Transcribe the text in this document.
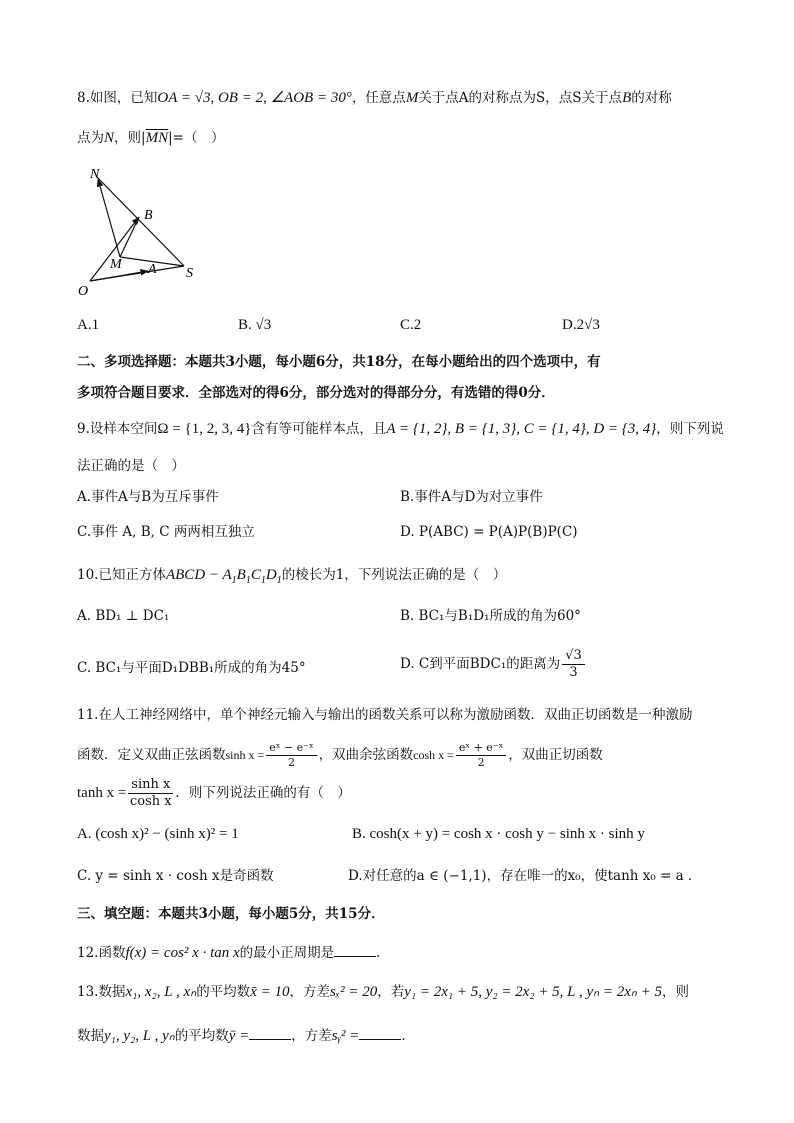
8.如图，已知OA = √3, OB = 2, ∠AOB = 30°，任意点M关于点A的对称点为S，点S关于点B的对称
点为N，则$|\overline{MN}|=$（　）
N
B
M A S
O
A.1	B. √3	C.2	D.2√3
二、多项选择题：本题共3小题，每小题6分，共18分，在每小题给出的四个选项中，有
多项符合题目要求．全部选对的得6分，部分选对的得部分分，有选错的得0分．
9.设样本空间Ω = {1, 2, 3, 4}含有等可能样本点，且A = {1, 2}, B = {1, 3}, C = {1, 4}, D = {3, 4}，则下列说
法正确的是（　）
A.事件A与B为互斥事件	B.事件A与D为对立事件
C.事件 A, B, C 两两相互独立	D. P(ABC) = P(A)P(B)P(C)
10.已知正方体ABCD − $A_1B_1C_1D_1$的棱长为1，下列说法正确的是（　）
A. BD₁ ⊥ DC₁	B. BC₁与B₁D₁所成的角为60°
C. BC₁与平面D₁DBB₁所成的角为45°	D. C到平面BDC₁的距离为 $\frac{√3}{3}$
11.在人工神经网络中，单个神经元输入与输出的函数关系可以称为激励函数．双曲正切函数是一种激励
函数．定义双曲正弦函数$\sinh x = \frac{\text{eˣ − e⁻ˣ}}{2}$ ，双曲余弦函数$\cosh x = \frac{\text{eˣ + e⁻ˣ}}{2}$ ，双曲正切函数
$\tanh x = \frac{\text{sinh x}}{\text{cosh x}}$ ．则下列说法正确的有（　）
A. (cosh x)² − (sinh x)² = 1	B. cosh(x + y) = cosh x · cosh y − sinh x · sinh y
C. y = sinh x · cosh x是奇函数	D.对任意的a ∈ (−1,1)，存在唯一的x₀，使tanh x₀ = a ．
三、填空题：本题共3小题，每小题5分，共15分．
12.函数f(x) = cos² x · tan x的最小正周期是	．
13.数据x₁, x₂, L , xₙ的平均数x̄ = 10，方差sₓ² = 20，若y₁ = 2x₁ + 5, y₂ = 2x₂ + 5, L , yₙ = 2xₙ + 5，则
数据y₁, y₂, L , yₙ的平均数ȳ =	，方差sᵧ² =	．
